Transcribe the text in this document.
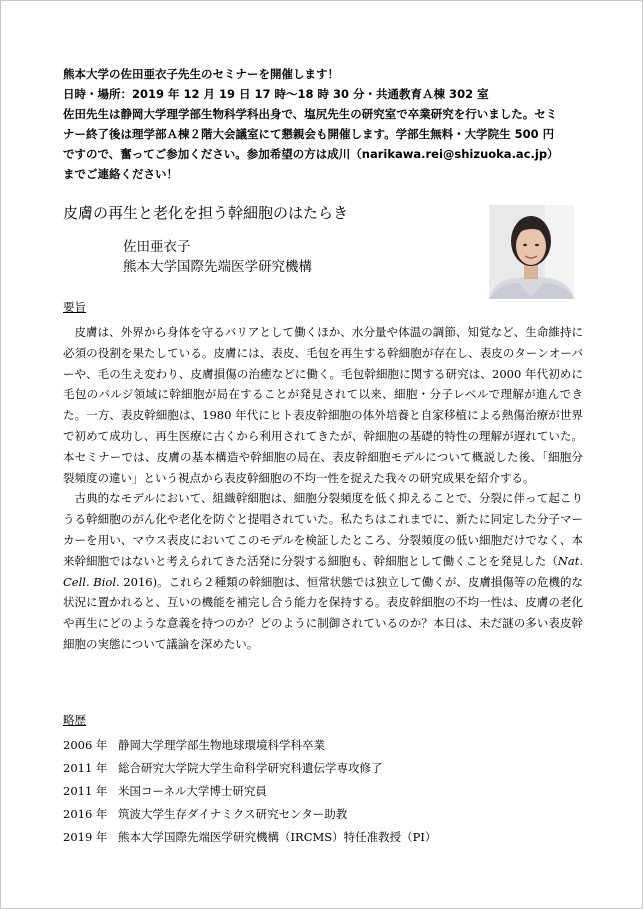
熊本大学の佐田亜衣子先生のセミナーを開催します！

日時・場所：2019 年 12 月 19 日 17 時〜18 時 30 分・共通教育Ａ棟 302 室

佐田先生は静岡大学理学部生物科学科出身で、塩尻先生の研究室で卒業研究を行いました。セミナー終了後は理学部Ａ棟２階大会議室にて懇親会も開催します。学部生無料・大学院生 500 円ですので、奮ってご参加ください。参加希望の方は成川（narikawa.rei@shizuoka.ac.jp）までご連絡ください！

皮膚の再生と老化を担う幹細胞のはたらき
佐田亜衣子
熊本大学国際先端医学研究機構
要旨

皮膚は、外界から身体を守るバリアとして働くほか、水分量や体温の調節、知覚など、生命維持に必須の役割を果たしている。皮膚には、表皮、毛包を再生する幹細胞が存在し、表皮のターンオーバーや、毛の生え変わり、皮膚損傷の治癒などに働く。毛包幹細胞に関する研究は、2000 年代初めに毛包のバルジ領域に幹細胞が局在することが発見されて以来、細胞・分子レベルで理解が進んできた。一方、表皮幹細胞は、1980 年代にヒト表皮幹細胞の体外培養と自家移植による熱傷治療が世界で初めて成功し、再生医療に古くから利用されてきたが、幹細胞の基礎的特性の理解が遅れていた。本セミナーでは、皮膚の基本構造や幹細胞の局在、表皮幹細胞モデルについて概説した後、「細胞分裂頻度の違い」という視点から表皮幹細胞の不均一性を捉えた我々の研究成果を紹介する。

古典的なモデルにおいて、組織幹細胞は、細胞分裂頻度を低く抑えることで、分裂に伴って起こりうる幹細胞のがん化や老化を防ぐと提唱されていた。私たちはこれまでに、新たに同定した分子マーカーを用い、マウス表皮においてこのモデルを検証したところ、分裂頻度の低い細胞だけでなく、本来幹細胞ではないと考えられてきた活発に分裂する細胞も、幹細胞として働くことを発見した（Nat. Cell. Biol. 2016)。これら２種類の幹細胞は、恒常状態では独立して働くが、皮膚損傷等の危機的な状況に置かれると、互いの機能を補完し合う能力を保持する。表皮幹細胞の不均一性は、皮膚の老化や再生にどのような意義を持つのか？どのように制御されているのか？本日は、未だ謎の多い表皮幹細胞の実態について議論を深めたい。

略歴
2006 年 静岡大学理学部生物地球環境科学科卒業
2011 年 総合研究大学院大学生命科学研究科遺伝学専攻修了
2011 年 米国コーネル大学博士研究員
2016 年 筑波大学生存ダイナミクス研究センター助教
2019 年 熊本大学国際先端医学研究機構（IRCMS）特任准教授（PI）
